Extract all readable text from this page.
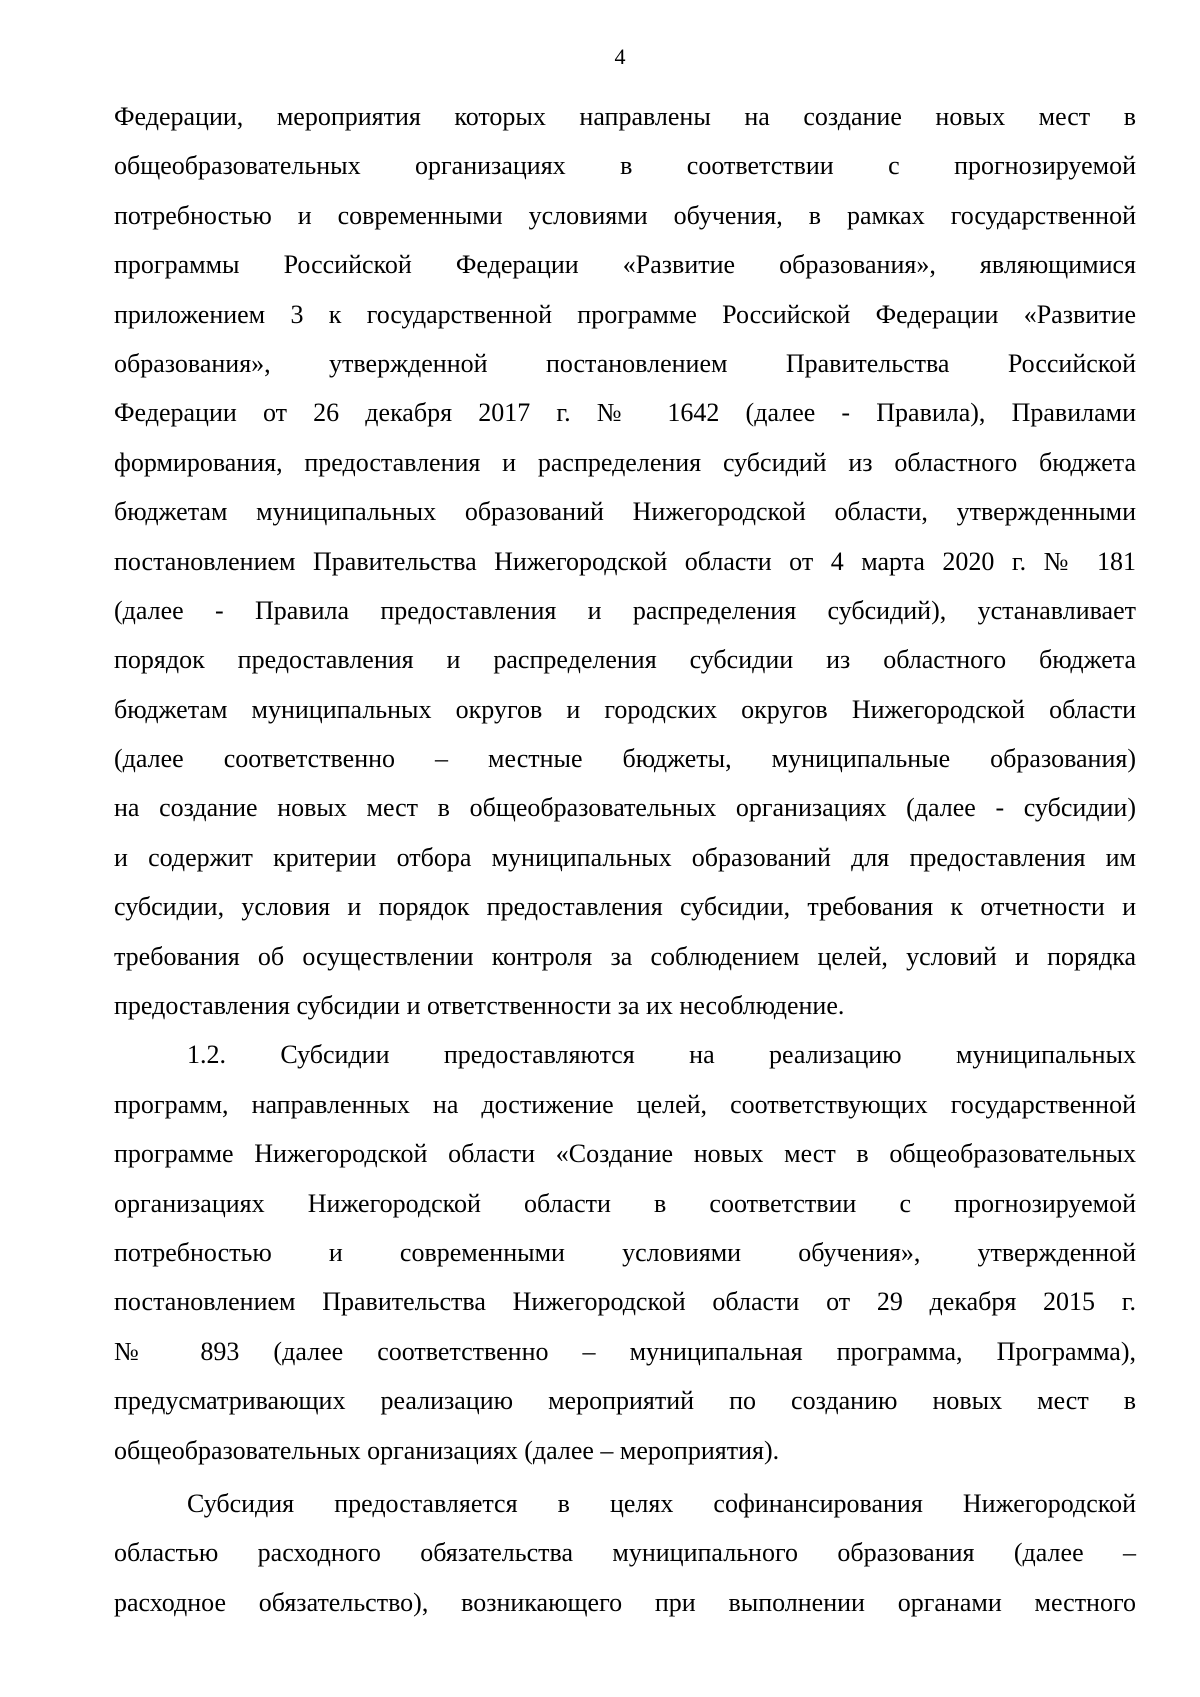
4
Федерации, мероприятия которых направлены на создание новых мест в
общеобразовательных организациях в соответствии с прогнозируемой
потребностью и современными условиями обучения, в рамках государственной
программы Российской Федерации «Развитие образования», являющимися
приложением 3 к государственной программе Российской Федерации «Развитие
образования», утвержденной постановлением Правительства Российской
Федерации от 26 декабря 2017 г. № 1642 (далее - Правила), Правилами
формирования, предоставления и распределения субсидий из областного бюджета
бюджетам муниципальных образований Нижегородской области, утвержденными
постановлением Правительства Нижегородской области от 4 марта 2020 г. № 181
(далее - Правила предоставления и распределения субсидий), устанавливает
порядок предоставления и распределения субсидии из областного бюджета
бюджетам муниципальных округов и городских округов Нижегородской области
(далее соответственно – местные бюджеты, муниципальные образования)
на создание новых мест в общеобразовательных организациях (далее - субсидии)
и содержит критерии отбора муниципальных образований для предоставления им
субсидии, условия и порядок предоставления субсидии, требования к отчетности и
требования об осуществлении контроля за соблюдением целей, условий и порядка
предоставления субсидии и ответственности за их несоблюдение.
1.2. Субсидии предоставляются на реализацию муниципальных
программ, направленных на достижение целей, соответствующих государственной
программе Нижегородской области «Создание новых мест в общеобразовательных
организациях Нижегородской области в соответствии с прогнозируемой
потребностью и современными условиями обучения», утвержденной
постановлением Правительства Нижегородской области от 29 декабря 2015 г.
№ 893 (далее соответственно – муниципальная программа, Программа),
предусматривающих реализацию мероприятий по созданию новых мест в
общеобразовательных организациях (далее – мероприятия).
Субсидия предоставляется в целях софинансирования Нижегородской
областью расходного обязательства муниципального образования (далее –
расходное обязательство), возникающего при выполнении органами местного
